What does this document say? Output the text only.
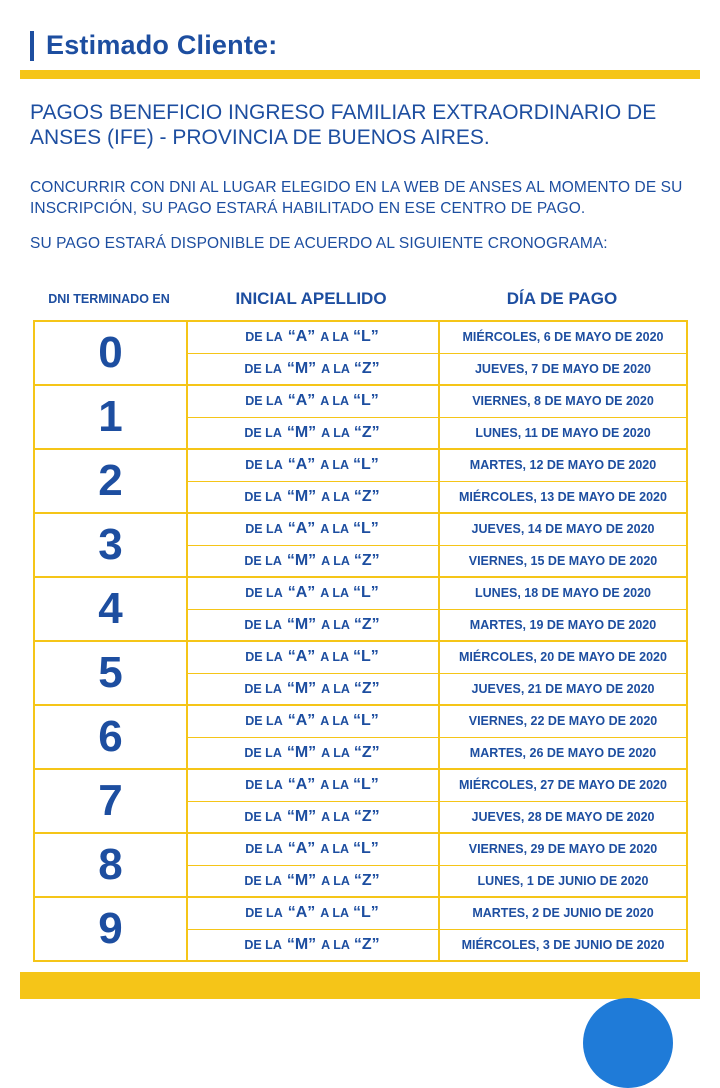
Estimado Cliente:
PAGOS BENEFICIO INGRESO FAMILIAR EXTRAORDINARIO DE ANSES (IFE) - PROVINCIA DE BUENOS AIRES.
CONCURRIR CON DNI AL LUGAR ELEGIDO EN LA WEB DE ANSES AL MOMENTO DE SU INSCRIPCIÓN, SU PAGO ESTARÁ HABILITADO EN ESE CENTRO DE PAGO.
SU PAGO ESTARÁ DISPONIBLE DE ACUERDO AL SIGUIENTE CRONOGRAMA:
DNI TERMINADO EN	INICIAL APELLIDO	DÍA DE PAGO
0	DE LA “A” A LA “L”	MIÉRCOLES, 6 DE MAYO DE 2020
DE LA “M” A LA “Z”	JUEVES, 7 DE MAYO DE 2020
1	DE LA “A” A LA “L”	VIERNES, 8 DE MAYO DE 2020
DE LA “M” A LA “Z”	LUNES, 11 DE MAYO DE 2020
2	DE LA “A” A LA “L”	MARTES, 12 DE MAYO DE 2020
DE LA “M” A LA “Z”	MIÉRCOLES, 13 DE MAYO DE 2020
3	DE LA “A” A LA “L”	JUEVES, 14 DE MAYO DE 2020
DE LA “M” A LA “Z”	VIERNES, 15 DE MAYO DE 2020
4	DE LA “A” A LA “L”	LUNES, 18 DE MAYO DE 2020
DE LA “M” A LA “Z”	MARTES, 19 DE MAYO DE 2020
5	DE LA “A” A LA “L”	MIÉRCOLES, 20 DE MAYO DE 2020
DE LA “M” A LA “Z”	JUEVES, 21 DE MAYO DE 2020
6	DE LA “A” A LA “L”	VIERNES, 22 DE MAYO DE 2020
DE LA “M” A LA “Z”	MARTES, 26 DE MAYO DE 2020
7	DE LA “A” A LA “L”	MIÉRCOLES, 27 DE MAYO DE 2020
DE LA “M” A LA “Z”	JUEVES, 28 DE MAYO DE 2020
8	DE LA “A” A LA “L”	VIERNES, 29 DE MAYO DE 2020
DE LA “M” A LA “Z”	LUNES, 1 DE JUNIO DE 2020
9	DE LA “A” A LA “L”	MARTES, 2 DE JUNIO DE 2020
DE LA “M” A LA “Z”	MIÉRCOLES, 3 DE JUNIO DE 2020
